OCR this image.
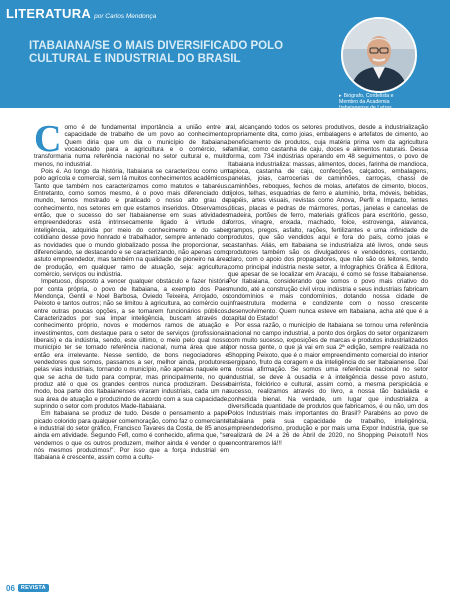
LITERATURA por Carlos Mendonça
ITABAIANA/SE O MAIS DIVERSIFICADO POLO CULTURAL E INDUSTRIAL DO BRASIL
▸ Biógrafo, Cordelista e
Membro da Academia
Itabaianense de Letras

Como é de fundamental importância a união entre a capacidade de trabalho de um povo ao conhecimento. Quem diria que um dia o município de Itabaiana, vocacionado para a agricultura e o comércio, se transformaria numa referência nacional no setor cultural e, muito menos, no industrial.

Pois é. Ao longo da história, Itabaiana se caracterizou como um polo agrícola e comercial, sem lá muitos conhecimentos acadêmicos. Tanto que também nos caracterizamos como matutos e tabaréus. Entretanto, como somos mesmo, é o povo mais diferenciado do mundo, temos mostrado e praticado o nosso alto grau de conhecimento, nos setores em que estamos inseridos. Observamos, então, que o sucesso do ser Itabaianense em suas atividades empreendedoras está intrinsecamente ligado à virtude da inteligência, adquirida por meio do conhecimento e do saber cotidiano desse povo honrado e trabalhador, sempre antenado com as novidades que o mundo globalizado possa lhe proporcionar, se diferenciando, se destacando e se caracterizando, não apenas como astuto empreendedor, mas também na qualidade de pioneiro na área de produção, em qualquer ramo de atuação, seja: agricultura, comércio, serviços ou indústria.

Impetuoso, disposto a vencer qualquer obstáculo e fazer história por conta própria, o povo de Itabaiana, a exemplo dos Paes Mendonça, Gentil e Noel Barbosa, Oviedo Teixeira, Arrojado, os Peixoto e tantos outros; não se limitou à agricultura, ao comércio ou, entre outras poucas opções, a se tornarem funcionários públicos. Caracterizados por sua ímpar inteligência, buscam através do conhecimento próprio, novos e modernos ramos de atuação e investimentos, com destaque para o setor de serviços (profissionais liberais) e da indústria, sendo, este último, o meio pelo qual nosso município ter se tornado referência nacional, numa área que até então era irrelevante. Nesse sentido, de bons negociadores e vendedores que somos, passamos a ser, melhor ainda, produtores pelas vias industriais, tornando o município, não apenas naquele em que se acha de tudo para comprar, mas principalmente, no que produz até o que os grandes centros nunca produziram. Desse modo, boa parte dos Itabaianenses viraram industriais, cada um na sua área de atuação e produzindo de acordo com a sua capacidade, suprindo o setor com produtos Made-Itabaiana.

Em Itabaiana se produz de tudo. Desde o pensamento a papel picado colorido para qualquer comemoração, como faz o comerciante e industrial do setor gráfico, Francisco Tavares da Costa, de 85 anos, ainda em atividade. Segundo Fefl, como é conhecido, afirma que, "se vendemos o que os outros produzem, melhor ainda é vender o que nós mesmos produzimos!". Por isso que a força industrial em Itabaiana é crescente, assim como a cultu-

ral, alcançando todos os setores produtivos, desde a industrialização propriamente dita, como joias, embalagens e artefatos de cimento, ao beneficiamento de produtos, cuja matéria prima vem da agricultura familiar, como castanha de caju, doces e alimentos naturais. Dessa forma, com 734 indústrias operando em 48 seguimentos, o povo de Itabaiana industrializa: massas, alimentos, doces, farinha de mandioca, tapioca, castanha de caju, confecções, calçados, embalagens, panelas, joias, carrocerias de caminhões, carroças, chassi de caminhões, reboques, fechos de molas, artefatos de cimento, blocos, tijolos, telhas, esquadrias de ferro e alumínio, brita, móveis, bebidas, papéis, artes visuais, revistas como Anova, Perfil e Impacto, lentes óticas, placas e pedras de mármores, portas, janelas e cancelas de madeira, portões de ferro, materiais gráficos para escritório, gesso, forros, vinagre, enxada, machado, foice, estrovenga, alavanca, grampos, pregos, asfalto, rações, fertilizantes e uma infinidade de produtos, que são vendidos aqui e fora do país, como joias e castanhas. Aliás, em Itabaiana se industrializa até livros, onde seus produtores também são os divulgadores e vendedores, contando, claro, com o apoio dos propagadores, que não são os leitores, tendo como principal indústria neste setor, a Infographics Gráfica & Editora, que apesar de se localizar em Aracaju, é como se fosse Itabaianense. Por Itabaiana, considerando que somos o povo mais criativo do mundo, até a construção civil virou indústria e seus industriais fabricam condomínios e mais condomínios, dotando nossa cidade de infraestrutura moderna e condizente com o nosso crescente desenvolvimento. Quem nunca esteve em Itabaiana, acha até que é a capital do Estado!

Por essa razão, o município de Itabaiana se tornou uma referência nacional no campo industrial, a ponto dos órgãos do setor organizarem com muito sucesso, exposições de marcas e produtos industrializados por nossa gente, o que já vai em sua 2ª edição, sempre realizada no Shopping Peixoto, que é o maior empreendimento comercial do interior sergipano, fruto da coragem e da inteligência do ser Itabaianense. Daí a nossa afirmação. Se somos uma referência nacional no setor industrial, se deve à ousadia e à inteligência desse povo astuto, bairrista, folclórico e cultural, assim como, a mesma perspicácia e sucesso, realizamos através do livro, a nossa tão badalada e conhecida bienal. Na verdade, um lugar que industrializa a diversificada quantidade de produtos que fabricamos, é ou não, um dos Polos Industriais mais importantes do Brasil? Parabéns ao povo de Itabaiana pela sua capacidade de trabalho, inteligência, empreendedorismo, produção e por mais uma Expor Indústria, que se realizará de 24 a 26 de Abril de 2020, no Shopping Peixoto!!! Nos encontraremos lá!!!

06	REVISTA
